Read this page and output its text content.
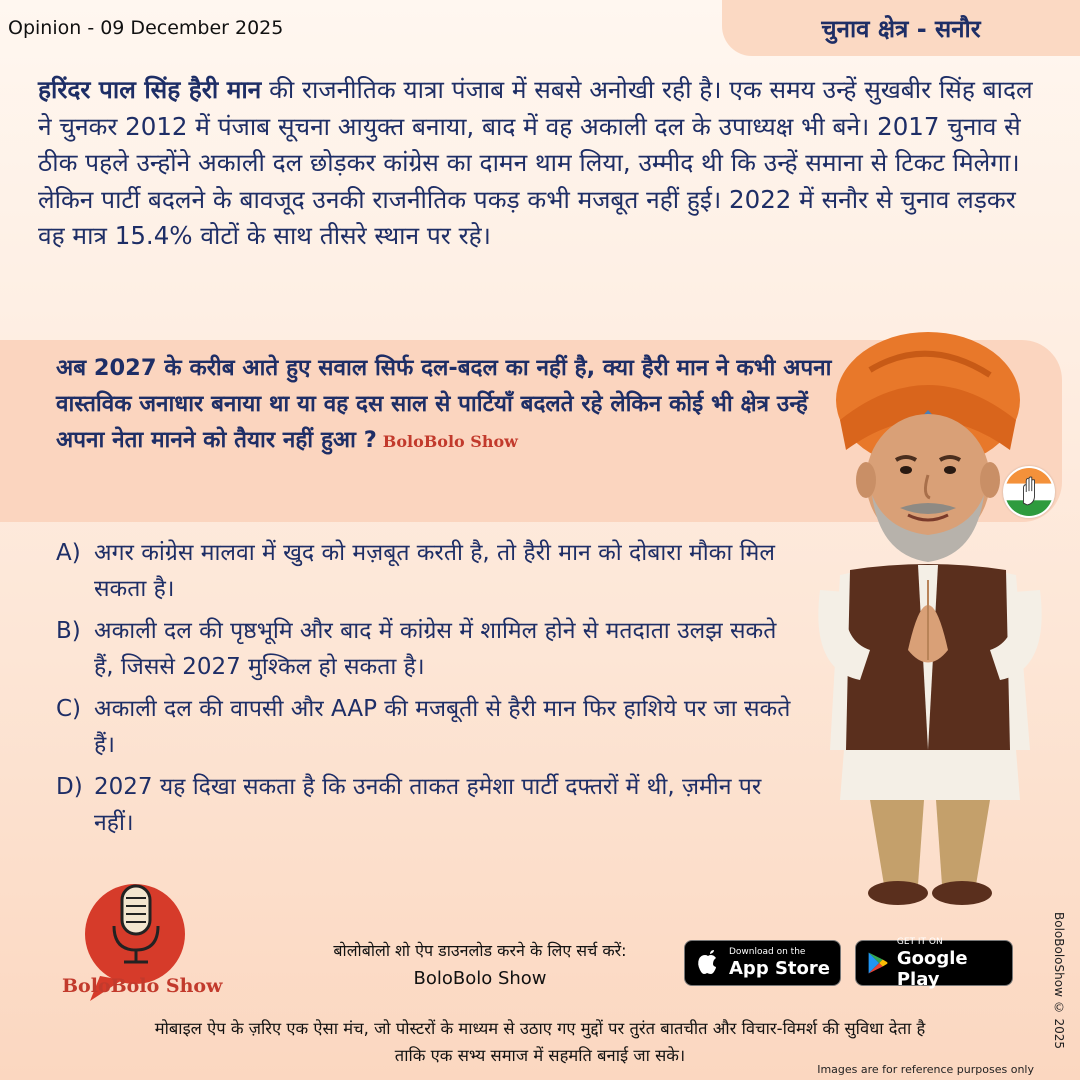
Opinion - 09 December 2025	चुनाव क्षेत्र - सनौर

हरिंदर पाल सिंह हैरी मान की राजनीतिक यात्रा पंजाब में सबसे अनोखी रही है। एक समय उन्हें सुखबीर सिंह बादल ने चुनकर 2012 में पंजाब सूचना आयुक्त बनाया, बाद में वह अकाली दल के उपाध्यक्ष भी बने। 2017 चुनाव से ठीक पहले उन्होंने अकाली दल छोड़कर कांग्रेस का दामन थाम लिया, उम्मीद थी कि उन्हें समाना से टिकट मिलेगा। लेकिन पार्टी बदलने के बावजूद उनकी राजनीतिक पकड़ कभी मजबूत नहीं हुई। 2022 में सनौर से चुनाव लड़कर वह मात्र 15.4% वोटों के साथ तीसरे स्थान पर रहे।

अब 2027 के करीब आते हुए सवाल सिर्फ दल-बदल का नहीं है, क्या हैरी मान ने कभी अपना वास्तविक जनाधार बनाया था या वह दस साल से पार्टियाँ बदलते रहे लेकिन कोई भी क्षेत्र उन्हें अपना नेता मानने को तैयार नहीं हुआ ? BoloBolo Show

A) अगर कांग्रेस मालवा में खुद को मज़बूत करती है, तो हैरी मान को दोबारा मौका मिल सकता है।
B) अकाली दल की पृष्ठभूमि और बाद में कांग्रेस में शामिल होने से मतदाता उलझ सकते हैं, जिससे 2027 मुश्किल हो सकता है।
C) अकाली दल की वापसी और AAP की मजबूती से हैरी मान फिर हाशिये पर जा सकते हैं।
D) 2027 यह दिखा सकता है कि उनकी ताकत हमेशा पार्टी दफ्तरों में थी, ज़मीन पर नहीं।
BoloBolo Show
बोलोबोलो शो ऐप डाउनलोड करने के लिए सर्च करें:
BoloBolo Show
Download on the
App Store
GET IT ON
Google Play
मोबाइल ऐप के ज़रिए एक ऐसा मंच, जो पोस्टरों के माध्यम से उठाए गए मुद्दों पर तुरंत बातचीत और विचार-विमर्श की सुविधा देता है
ताकि एक सभ्य समाज में सहमति बनाई जा सके।
Images are for reference purposes only
BoloBoloShow © 2025
